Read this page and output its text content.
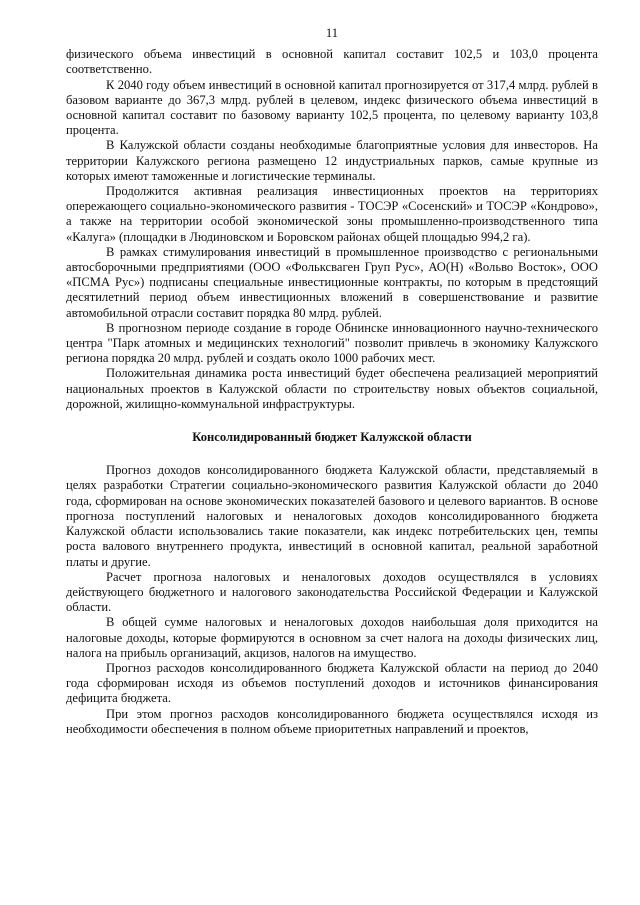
11

физического объема инвестиций в основной капитал составит 102,5 и 103,0 процента соответственно.

К 2040 году объем инвестиций в основной капитал прогнозируется от 317,4 млрд. рублей в базовом варианте до 367,3 млрд. рублей в целевом, индекс физического объема инвестиций в основной капитал составит по базовому варианту 102,5 процента, по целевому варианту 103,8 процента.

В Калужской области созданы необходимые благоприятные условия для инвесторов. На территории Калужского региона размещено 12 индустриальных парков, самые крупные из которых имеют таможенные и логистические терминалы.

Продолжится активная реализация инвестиционных проектов на территориях опережающего социально-экономического развития - ТОСЭР «Сосенский» и ТОСЭР «Кондрово», а также на территории особой экономической зоны промышленно-производственного типа «Калуга» (площадки в Людиновском и Боровском районах общей площадью 994,2 га).

В рамках стимулирования инвестиций в промышленное производство с региональными автосборочными предприятиями (ООО «Фольксваген Груп Рус», АО(Н) «Вольво Восток», ООО «ПСМА Рус») подписаны специальные инвестиционные контракты, по которым в предстоящий десятилетний период объем инвестиционных вложений в совершенствование и развитие автомобильной отрасли составит порядка 80 млрд. рублей.

В прогнозном периоде создание в городе Обнинске инновационного научно-технического центра "Парк атомных и медицинских технологий" позволит привлечь в экономику Калужского региона порядка 20 млрд. рублей и создать около 1000 рабочих мест.

Положительная динамика роста инвестиций будет обеспечена реализацией мероприятий национальных проектов в Калужской области по строительству новых объектов социальной, дорожной, жилищно-коммунальной инфраструктуры.

Консолидированный бюджет Калужской области

Прогноз доходов консолидированного бюджета Калужской области, представляемый в целях разработки Стратегии социально-экономического развития Калужской области до 2040 года, сформирован на основе экономических показателей базового и целевого вариантов. В основе прогноза поступлений налоговых и неналоговых доходов консолидированного бюджета Калужской области использовались такие показатели, как индекс потребительских цен, темпы роста валового внутреннего продукта, инвестиций в основной капитал, реальной заработной платы и другие.

Расчет прогноза налоговых и неналоговых доходов осуществлялся в условиях действующего бюджетного и налогового законодательства Российской Федерации и Калужской области.

В общей сумме налоговых и неналоговых доходов наибольшая доля приходится на налоговые доходы, которые формируются в основном за счет налога на доходы физических лиц, налога на прибыль организаций, акцизов, налогов на имущество.

Прогноз расходов консолидированного бюджета Калужской области на период до 2040 года сформирован исходя из объемов поступлений доходов и источников финансирования дефицита бюджета.

При этом прогноз расходов консолидированного бюджета осуществлялся исходя из необходимости обеспечения в полном объеме приоритетных направлений и проектов,
